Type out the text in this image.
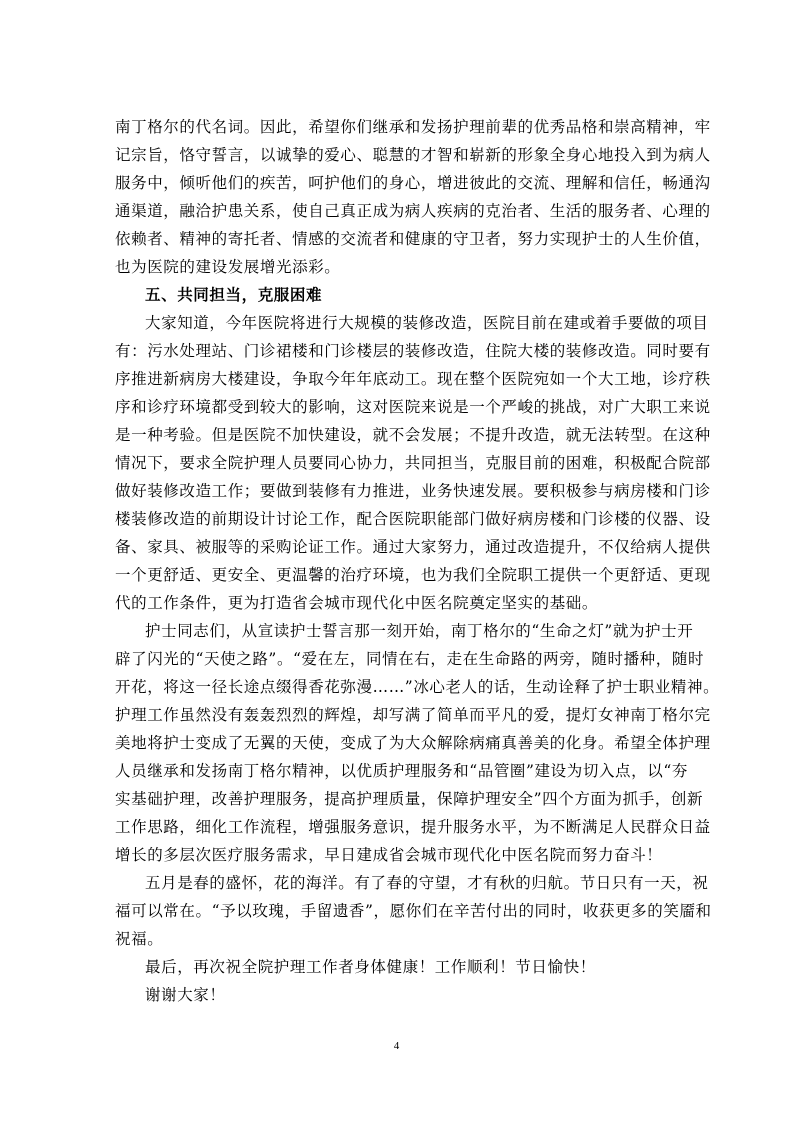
南丁格尔的代名词。因此，希望你们继承和发扬护理前辈的优秀品格和崇高精神，牢
记宗旨，恪守誓言，以诚挚的爱心、聪慧的才智和崭新的形象全身心地投入到为病人
服务中，倾听他们的疾苦，呵护他们的身心，增进彼此的交流、理解和信任，畅通沟
通渠道，融洽护患关系，使自己真正成为病人疾病的克治者、生活的服务者、心理的
依赖者、精神的寄托者、情感的交流者和健康的守卫者，努力实现护士的人生价值，
也为医院的建设发展增光添彩。
五、共同担当，克服困难
大家知道，今年医院将进行大规模的装修改造，医院目前在建或着手要做的项目
有：污水处理站、门诊裙楼和门诊楼层的装修改造，住院大楼的装修改造。同时要有
序推进新病房大楼建设，争取今年年底动工。现在整个医院宛如一个大工地，诊疗秩
序和诊疗环境都受到较大的影响，这对医院来说是一个严峻的挑战，对广大职工来说
是一种考验。但是医院不加快建设，就不会发展；不提升改造，就无法转型。在这种
情况下，要求全院护理人员要同心协力，共同担当，克服目前的困难，积极配合院部
做好装修改造工作；要做到装修有力推进，业务快速发展。要积极参与病房楼和门诊
楼装修改造的前期设计讨论工作，配合医院职能部门做好病房楼和门诊楼的仪器、设
备、家具、被服等的采购论证工作。通过大家努力，通过改造提升，不仅给病人提供
一个更舒适、更安全、更温馨的治疗环境，也为我们全院职工提供一个更舒适、更现
代的工作条件，更为打造省会城市现代化中医名院奠定坚实的基础。
护士同志们，从宣读护士誓言那一刻开始，南丁格尔的“生命之灯”就为护士开
辟了闪光的“天使之路”。“爱在左，同情在右，走在生命路的两旁，随时播种，随时
开花，将这一径长途点缀得香花弥漫……”冰心老人的话，生动诠释了护士职业精神。
护理工作虽然没有轰轰烈烈的辉煌，却写满了简单而平凡的爱，提灯女神南丁格尔完
美地将护士变成了无翼的天使，变成了为大众解除病痛真善美的化身。希望全体护理
人员继承和发扬南丁格尔精神，以优质护理服务和“品管圈”建设为切入点，以“夯
实基础护理，改善护理服务，提高护理质量，保障护理安全”四个方面为抓手，创新
工作思路，细化工作流程，增强服务意识，提升服务水平，为不断满足人民群众日益
增长的多层次医疗服务需求，早日建成省会城市现代化中医名院而努力奋斗！
五月是春的盛怀，花的海洋。有了春的守望，才有秋的归航。节日只有一天，祝
福可以常在。“予以玫瑰，手留遗香”，愿你们在辛苦付出的同时，收获更多的笑靥和
祝福。
最后，再次祝全院护理工作者身体健康！工作顺利！节日愉快！
谢谢大家！
4
